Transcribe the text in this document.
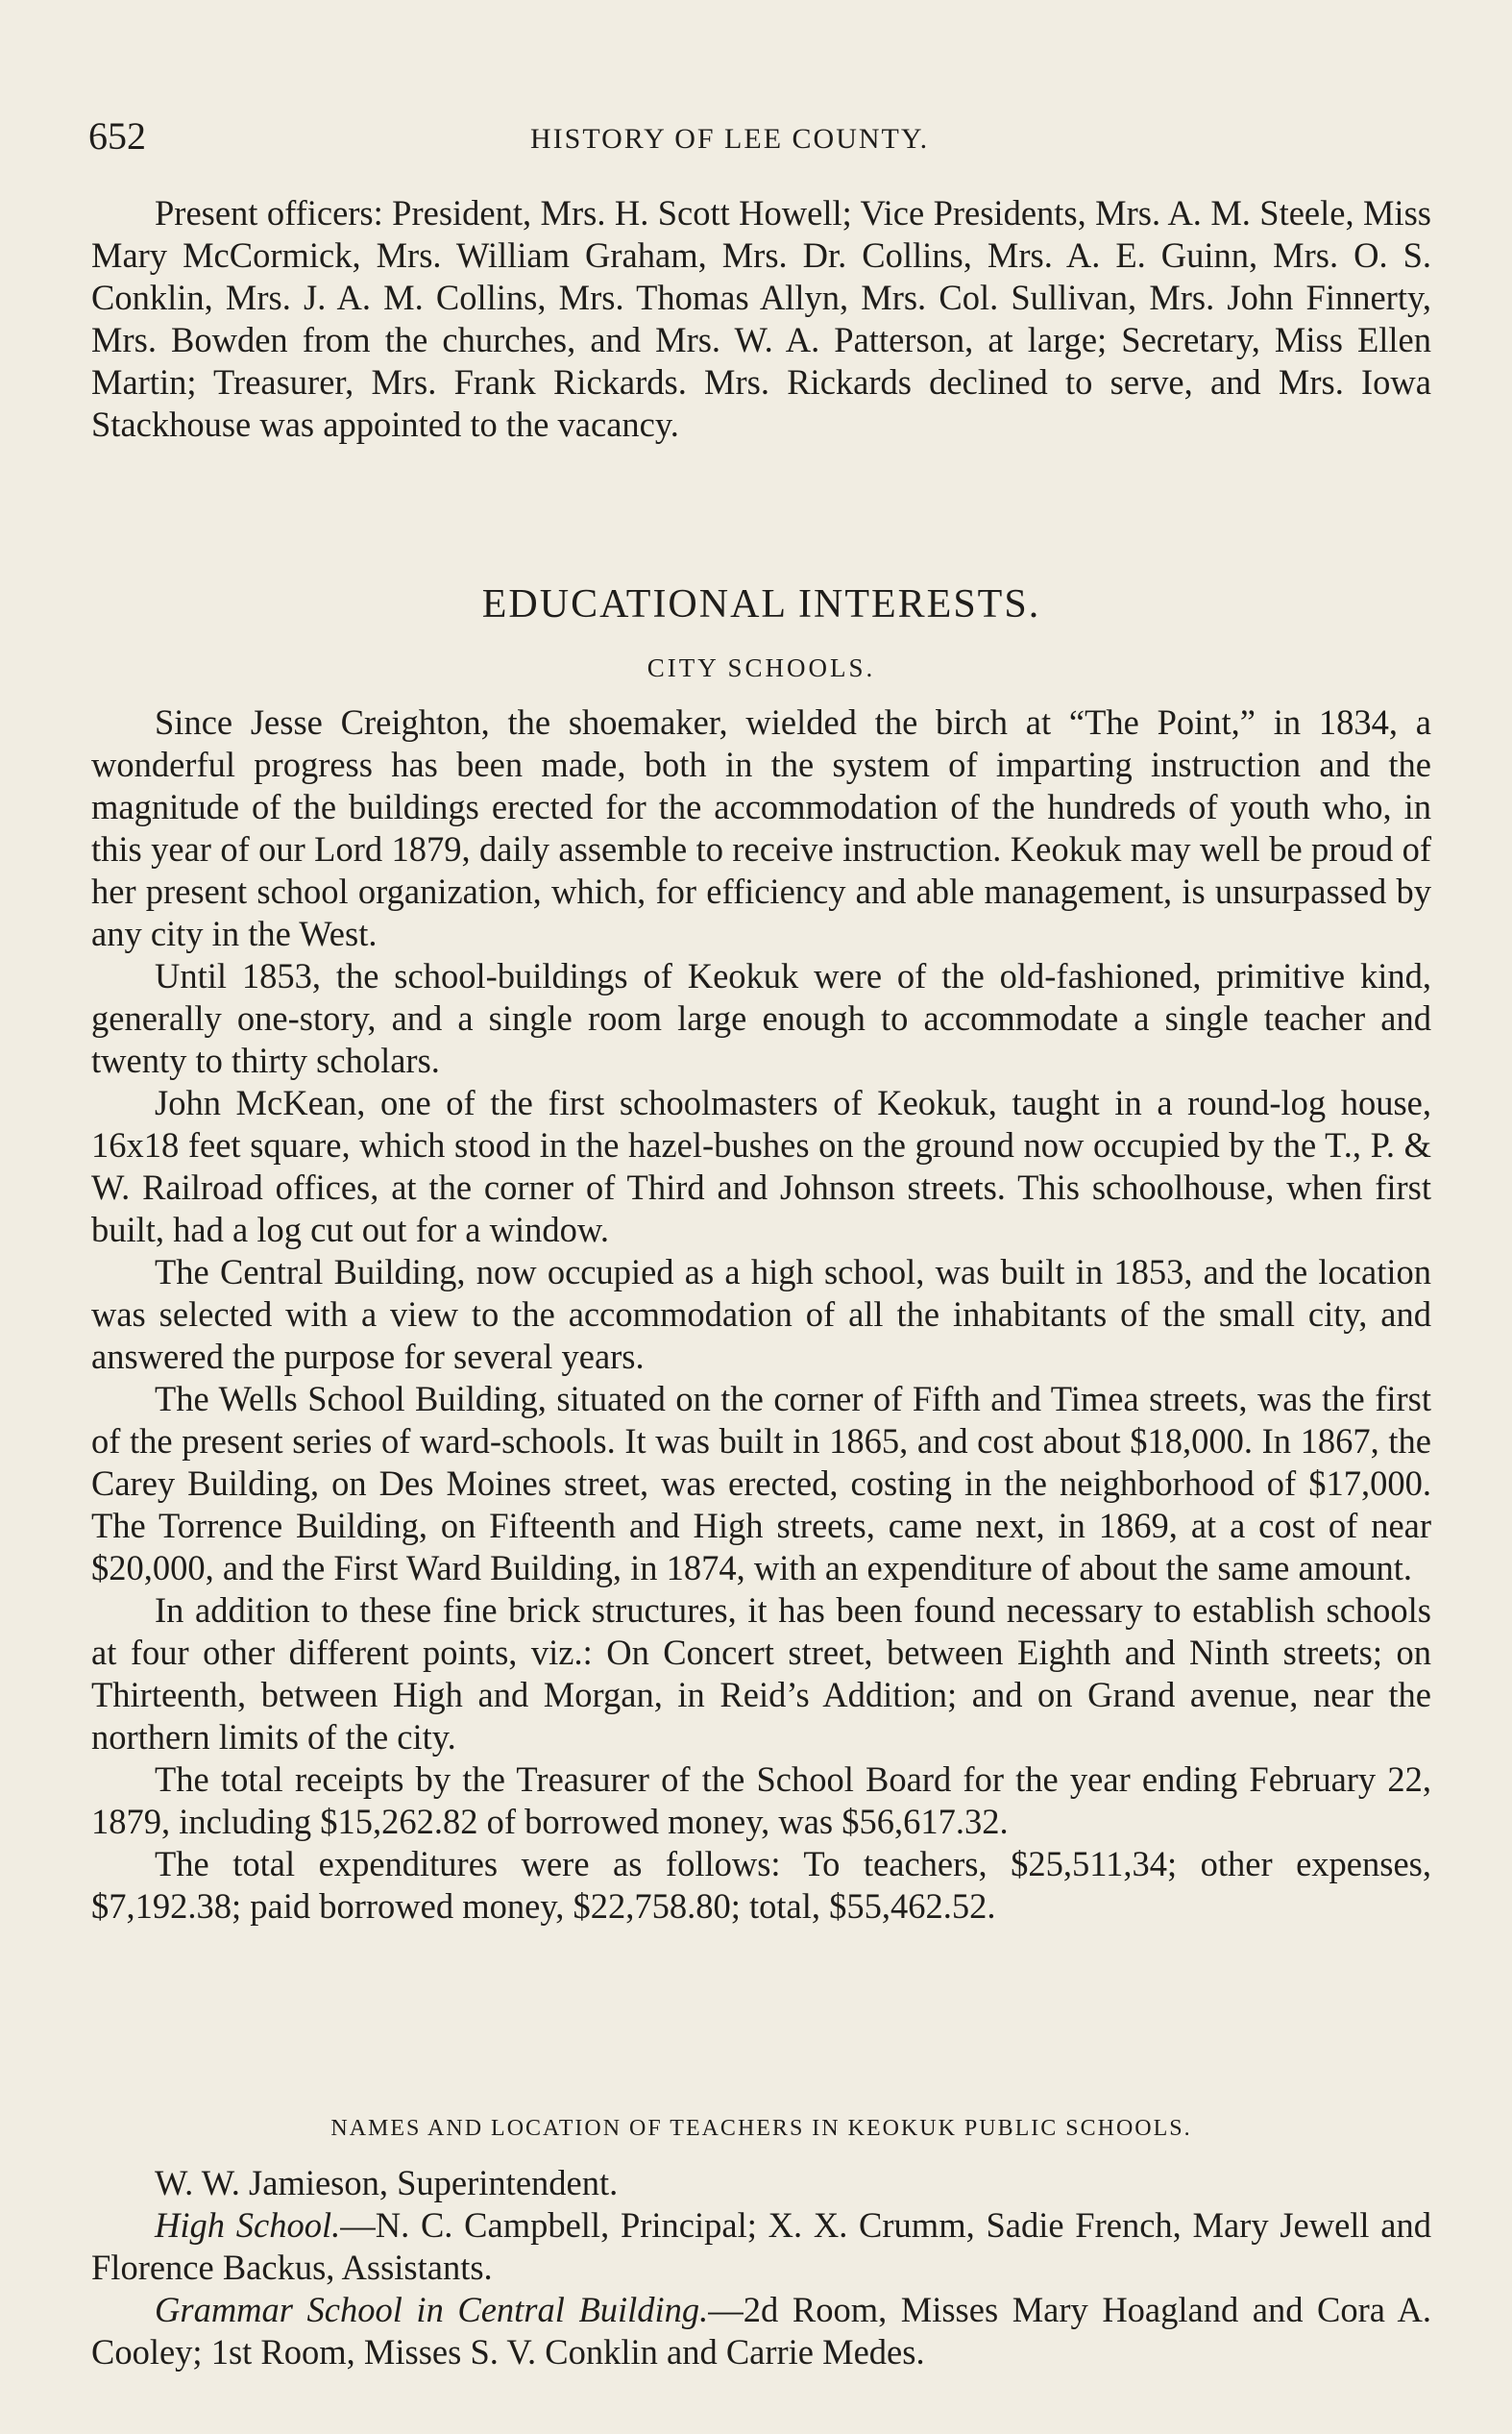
652	HISTORY OF LEE COUNTY.

Present officers: President, Mrs. H. Scott Howell; Vice Presidents, Mrs. A. M. Steele, Miss Mary McCormick, Mrs. William Graham, Mrs. Dr. Collins, Mrs. A. E. Guinn, Mrs. O. S. Conklin, Mrs. J. A. M. Collins, Mrs. Thomas Allyn, Mrs. Col. Sullivan, Mrs. John Finnerty, Mrs. Bowden from the churches, and Mrs. W. A. Patterson, at large; Secretary, Miss Ellen Martin; Treasurer, Mrs. Frank Rickards. Mrs. Rickards declined to serve, and Mrs. Iowa Stackhouse was appointed to the vacancy.

EDUCATIONAL INTERESTS.
CITY SCHOOLS.

Since Jesse Creighton, the shoemaker, wielded the birch at “The Point,” in 1834, a wonderful progress has been made, both in the system of imparting instruction and the magnitude of the buildings erected for the accommodation of the hundreds of youth who, in this year of our Lord 1879, daily assemble to receive instruction. Keokuk may well be proud of her present school organization, which, for efficiency and able management, is unsurpassed by any city in the West.

Until 1853, the school-buildings of Keokuk were of the old-fashioned, primitive kind, generally one-story, and a single room large enough to accommodate a single teacher and twenty to thirty scholars.

John McKean, one of the first schoolmasters of Keokuk, taught in a round-log house, 16x18 feet square, which stood in the hazel-bushes on the ground now occupied by the T., P. & W. Railroad offices, at the corner of Third and Johnson streets. This schoolhouse, when first built, had a log cut out for a window.

The Central Building, now occupied as a high school, was built in 1853, and the location was selected with a view to the accommodation of all the inhabitants of the small city, and answered the purpose for several years.

The Wells School Building, situated on the corner of Fifth and Timea streets, was the first of the present series of ward-schools. It was built in 1865, and cost about $18,000. In 1867, the Carey Building, on Des Moines street, was erected, costing in the neighborhood of $17,000. The Torrence Building, on Fifteenth and High streets, came next, in 1869, at a cost of near $20,000, and the First Ward Building, in 1874, with an expenditure of about the same amount.

In addition to these fine brick structures, it has been found necessary to establish schools at four other different points, viz.: On Concert street, between Eighth and Ninth streets; on Thirteenth, between High and Morgan, in Reid’s Addition; and on Grand avenue, near the northern limits of the city.

The total receipts by the Treasurer of the School Board for the year ending February 22, 1879, including $15,262.82 of borrowed money, was $56,617.32.

The total expenditures were as follows: To teachers, $25,511,34; other expenses, $7,192.38; paid borrowed money, $22,758.80; total, $55,462.52.

NAMES AND LOCATION OF TEACHERS IN KEOKUK PUBLIC SCHOOLS.

W. W. Jamieson, Superintendent.

High School.—N. C. Campbell, Principal; X. X. Crumm, Sadie French, Mary Jewell and Florence Backus, Assistants.

Grammar School in Central Building.—2d Room, Misses Mary Hoagland and Cora A. Cooley; 1st Room, Misses S. V. Conklin and Carrie Medes.
